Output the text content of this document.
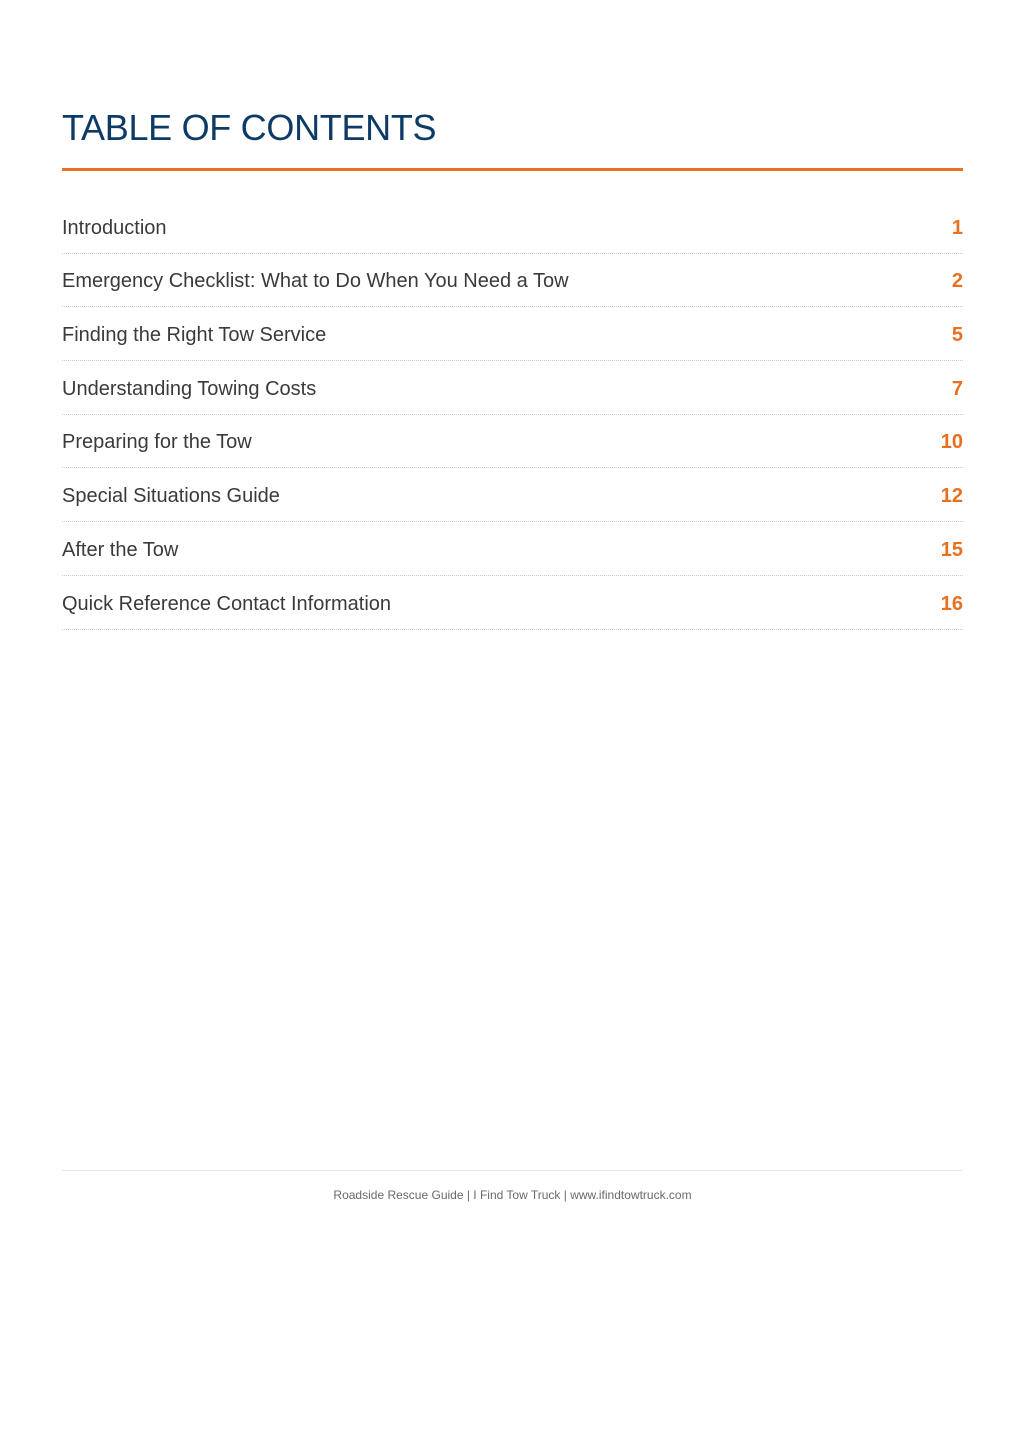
TABLE OF CONTENTS
Introduction	1
Emergency Checklist: What to Do When You Need a Tow	2
Finding the Right Tow Service	5
Understanding Towing Costs	7
Preparing for the Tow	10
Special Situations Guide	12
After the Tow	15
Quick Reference Contact Information	16
Roadside Rescue Guide | I Find Tow Truck | www.ifindtowtruck.com
